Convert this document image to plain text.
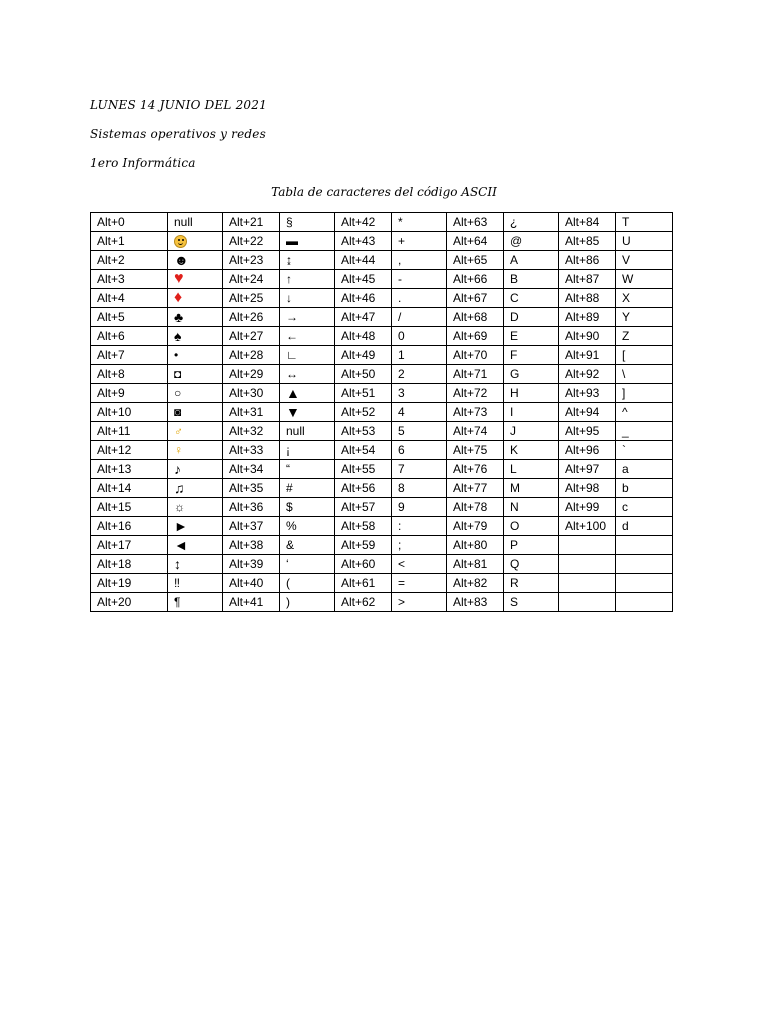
LUNES 14 JUNIO DEL 2021
Sistemas operativos y redes
1ero Informática
Tabla de caracteres del código ASCII
Alt+0	null	Alt+21	§	Alt+42	*	Alt+63	¿	Alt+84	T
Alt+1		Alt+22	▬	Alt+43	+	Alt+64	@	Alt+85	U
Alt+2	☻	Alt+23	↨	Alt+44	,	Alt+65	A	Alt+86	V
Alt+3	♥	Alt+24	↑	Alt+45	-	Alt+66	B	Alt+87	W
Alt+4	♦	Alt+25	↓	Alt+46	.	Alt+67	C	Alt+88	X
Alt+5	♣	Alt+26	→	Alt+47	/	Alt+68	D	Alt+89	Y
Alt+6	♠	Alt+27	←	Alt+48	0	Alt+69	E	Alt+90	Z
Alt+7	•	Alt+28	∟	Alt+49	1	Alt+70	F	Alt+91	[
Alt+8	◘	Alt+29	↔	Alt+50	2	Alt+71	G	Alt+92	\
Alt+9	○	Alt+30	▲	Alt+51	3	Alt+72	H	Alt+93	]
Alt+10	◙	Alt+31	▼	Alt+52	4	Alt+73	I	Alt+94	^
Alt+11	♂	Alt+32	null	Alt+53	5	Alt+74	J	Alt+95	_
Alt+12	♀	Alt+33	¡	Alt+54	6	Alt+75	K	Alt+96	`
Alt+13	♪	Alt+34	“	Alt+55	7	Alt+76	L	Alt+97	a
Alt+14	♫	Alt+35	#	Alt+56	8	Alt+77	M	Alt+98	b
Alt+15	☼	Alt+36	$	Alt+57	9	Alt+78	N	Alt+99	c
Alt+16	►	Alt+37	%	Alt+58	:	Alt+79	O	Alt+100	d
Alt+17	◄	Alt+38	&	Alt+59	;	Alt+80	P		
Alt+18	↕	Alt+39	‘	Alt+60	<	Alt+81	Q		
Alt+19	‼	Alt+40	(	Alt+61	=	Alt+82	R		
Alt+20	¶	Alt+41	)	Alt+62	>	Alt+83	S		
